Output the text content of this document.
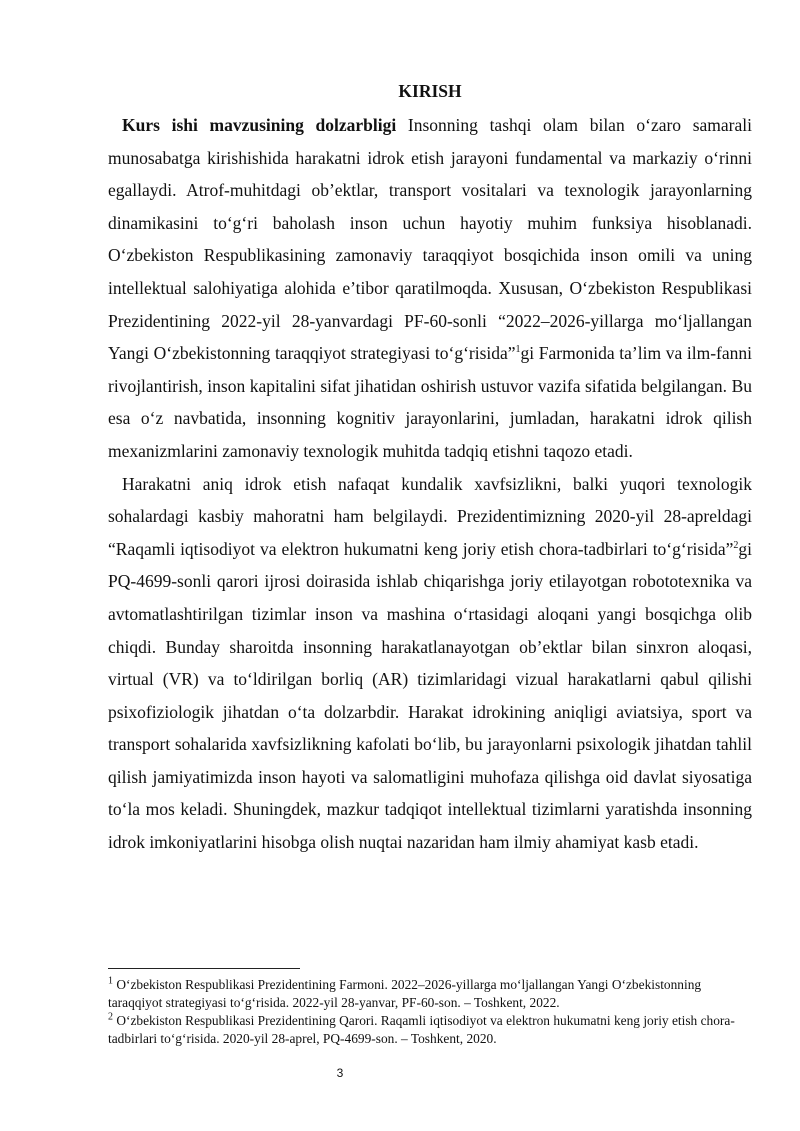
KIRISH

Kurs ishi mavzusining dolzarbligi Insonning tashqi olam bilan o‘zaro samarali munosabatga kirishishida harakatni idrok etish jarayoni fundamental va markaziy o‘rinni egallaydi. Atrof-muhitdagi ob’ektlar, transport vositalari va texnologik jarayonlarning dinamikasini to‘g‘ri baholash inson uchun hayotiy muhim funksiya hisoblanadi. O‘zbekiston Respublikasining zamonaviy taraqqiyot bosqichida inson omili va uning intellektual salohiyatiga alohida e’tibor qaratilmoqda. Xususan, O‘zbekiston Respublikasi Prezidentining 2022-yil 28-yanvardagi PF-60-sonli “2022–2026-yillarga mo‘ljallangan Yangi O‘zbekistonning taraqqiyot strategiyasi to‘g‘risida”$^1$gi Farmonida ta’lim va ilm-fanni rivojlantirish, inson kapitalini sifat jihatidan oshirish ustuvor vazifa sifatida belgilangan. Bu esa o‘z navbatida, insonning kognitiv jarayonlarini, jumladan, harakatni idrok qilish mexanizmlarini zamonaviy texnologik muhitda tadqiq etishni taqozo etadi.

Harakatni aniq idrok etish nafaqat kundalik xavfsizlikni, balki yuqori texnologik sohalardagi kasbiy mahoratni ham belgilaydi. Prezidentimizning 2020-yil 28-apreldagi “Raqamli iqtisodiyot va elektron hukumatni keng joriy etish chora-tadbirlari to‘g‘risida”$^2$gi PQ-4699-sonli qarori ijrosi doirasida ishlab chiqarishga joriy etilayotgan robototexnika va avtomatlashtirilgan tizimlar inson va mashina o‘rtasidagi aloqani yangi bosqichga olib chiqdi. Bunday sharoitda insonning harakatlanayotgan ob’ektlar bilan sinxron aloqasi, virtual (VR) va to‘ldirilgan borliq (AR) tizimlaridagi vizual harakatlarni qabul qilishi psixofiziologik jihatdan o‘ta dolzarbdir. Harakat idrokining aniqligi aviatsiya, sport va transport sohalarida xavfsizlikning kafolati bo‘lib, bu jarayonlarni psixologik jihatdan tahlil qilish jamiyatimizda inson hayoti va salomatligini muhofaza qilishga oid davlat siyosatiga to‘la mos keladi. Shuningdek, mazkur tadqiqot intellektual tizimlarni yaratishda insonning idrok imkoniyatlarini hisobga olish nuqtai nazaridan ham ilmiy ahamiyat kasb etadi.

$^1$ O‘zbekiston Respublikasi Prezidentining Farmoni. 2022–2026-yillarga mo‘ljallangan Yangi O‘zbekistonning taraqqiyot strategiyasi to‘g‘risida. 2022-yil 28-yanvar, PF-60-son. – Toshkent, 2022.
$^2$ O‘zbekiston Respublikasi Prezidentining Qarori. Raqamli iqtisodiyot va elektron hukumatni keng joriy etish chora-tadbirlari to‘g‘risida. 2020-yil 28-aprel, PQ-4699-son. – Toshkent, 2020.
3
